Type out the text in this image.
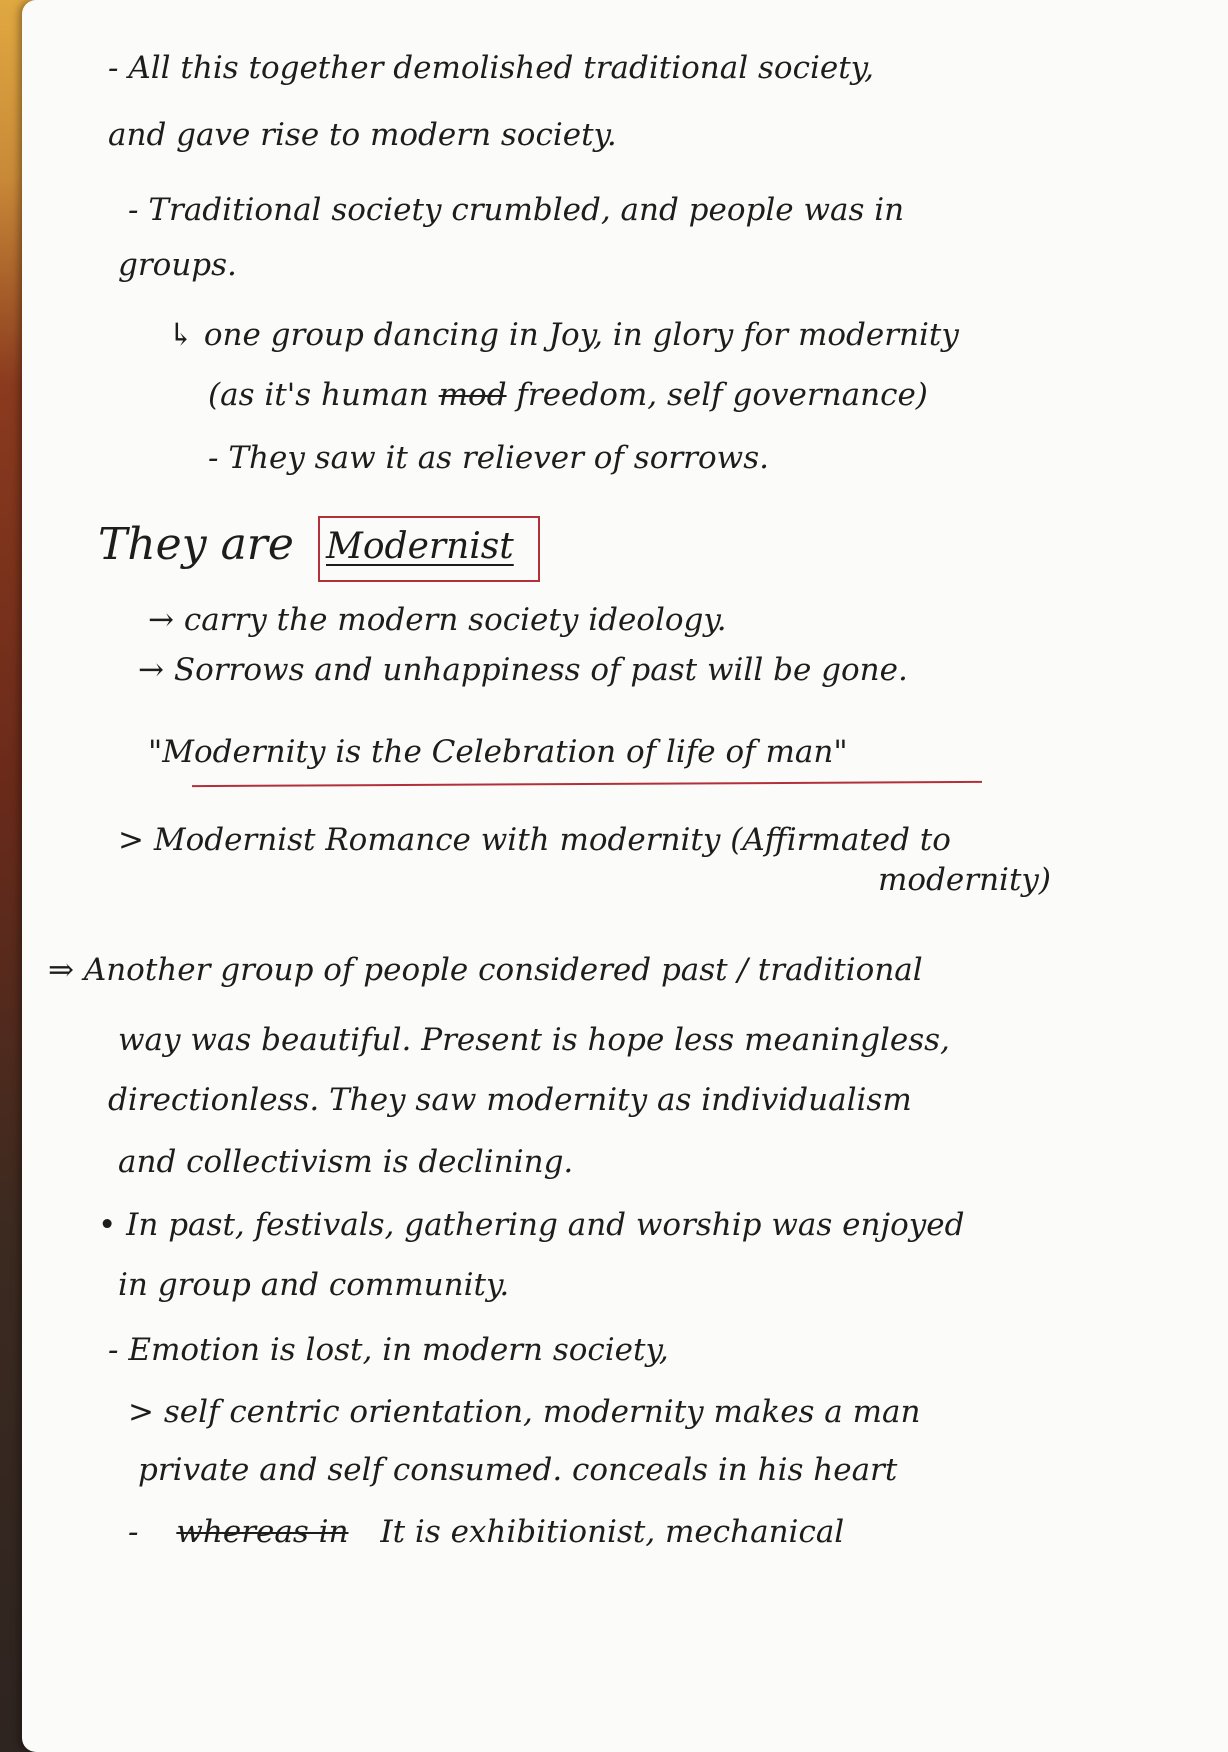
- All this together demolished traditional society,
and gave rise to modern society.
- Traditional society crumbled, and people was in
groups.
↳ one group dancing in Joy, in glory for modernity
(as it's human mod freedom, self governance)
- They saw it as reliever of sorrows.
They are Modernist
→ carry the modern society ideology.
→ Sorrows and unhappiness of past will be gone.
"Modernity is the Celebration of life of man"
> Modernist Romance with modernity (Affirmated to
modernity)
⇒ Another group of people considered past / traditional
way was beautiful. Present is hope less meaningless,
directionless. They saw modernity as individualism
and collectivism is declining.
• In past, festivals, gathering and worship was enjoyed
in group and community.
- Emotion is lost, in modern society,
> self centric orientation, modernity makes a man
private and self consumed. conceals in his heart
- whereas in It is exhibitionist, mechanical
